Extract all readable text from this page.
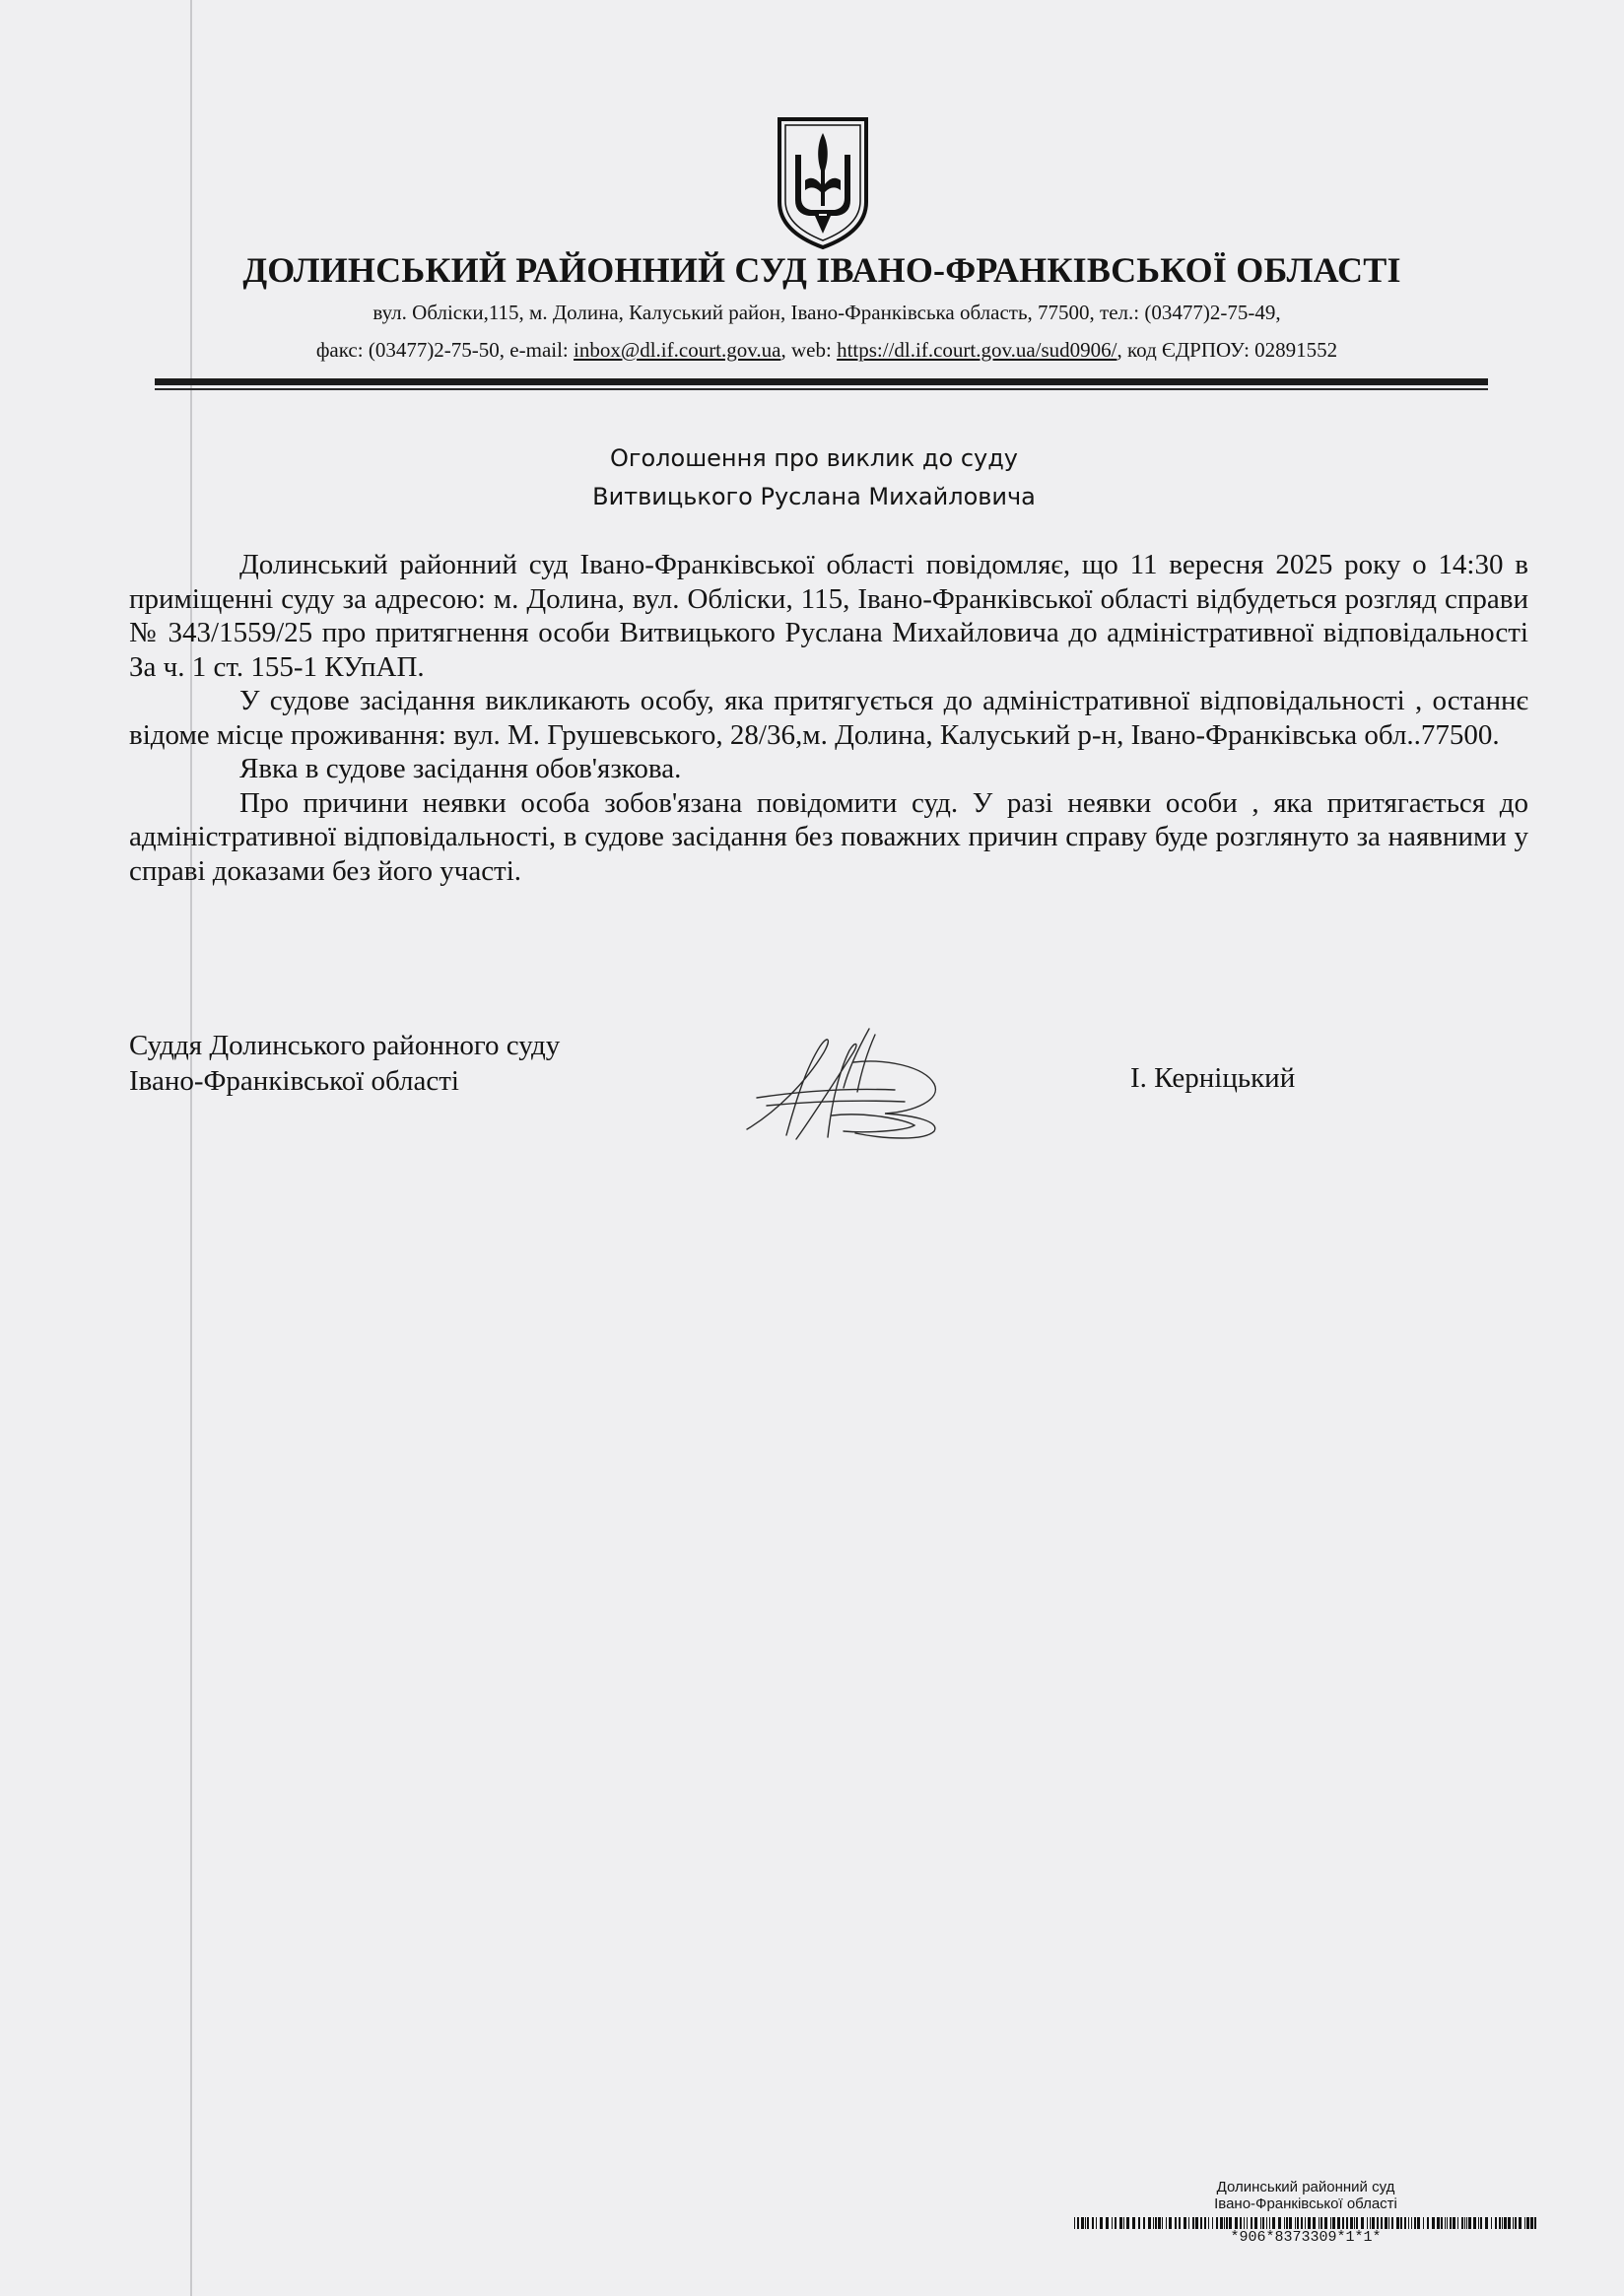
ДОЛИНСЬКИЙ РАЙОННИЙ СУД ІВАНО-ФРАНКІВСЬКОЇ ОБЛАСТІ
вул. Обліски,115, м. Долина, Калуський район, Івано-Франківська область, 77500, тел.: (03477)2-75-49,
факс: (03477)2-75-50, e-mail: inbox@dl.if.court.gov.ua, web: https://dl.if.court.gov.ua/sud0906/, код ЄДРПОУ: 02891552
Оголошення про виклик до суду
Витвицького Руслана Михайловича

Долинський районний суд Івано-Франківської області повідомляє, що 11 вересня 2025 року о 14:30 в приміщенні суду за адресою: м. Долина, вул. Обліски, 115, Івано-Франківської області відбудеться розгляд справи № 343/1559/25 про притягнення особи Витвицького Руслана Михайловича до адміністративної відповідальності За ч. 1 ст. 155-1 КУпАП.

У судове засідання викликають особу, яка притягується до адміністративної відповідальності , останнє відоме місце проживання: вул. М. Грушевського, 28/36,м. Долина, Калуський р-н, Івано-Франківська обл..77500.

Явка в судове засідання обов'язкова.

Про причини неявки особа зобов'язана повідомити суд. У разі неявки особи , яка притягається до адміністративної відповідальності, в судове засідання без поважних причин справу буде розглянуто за наявними у справі доказами без його участі.

Суддя Долинського районного суду
Івано-Франківської області	І. Керніцький
Долинський районний суд
Івано-Франківської області
*906*8373309*1*1*
